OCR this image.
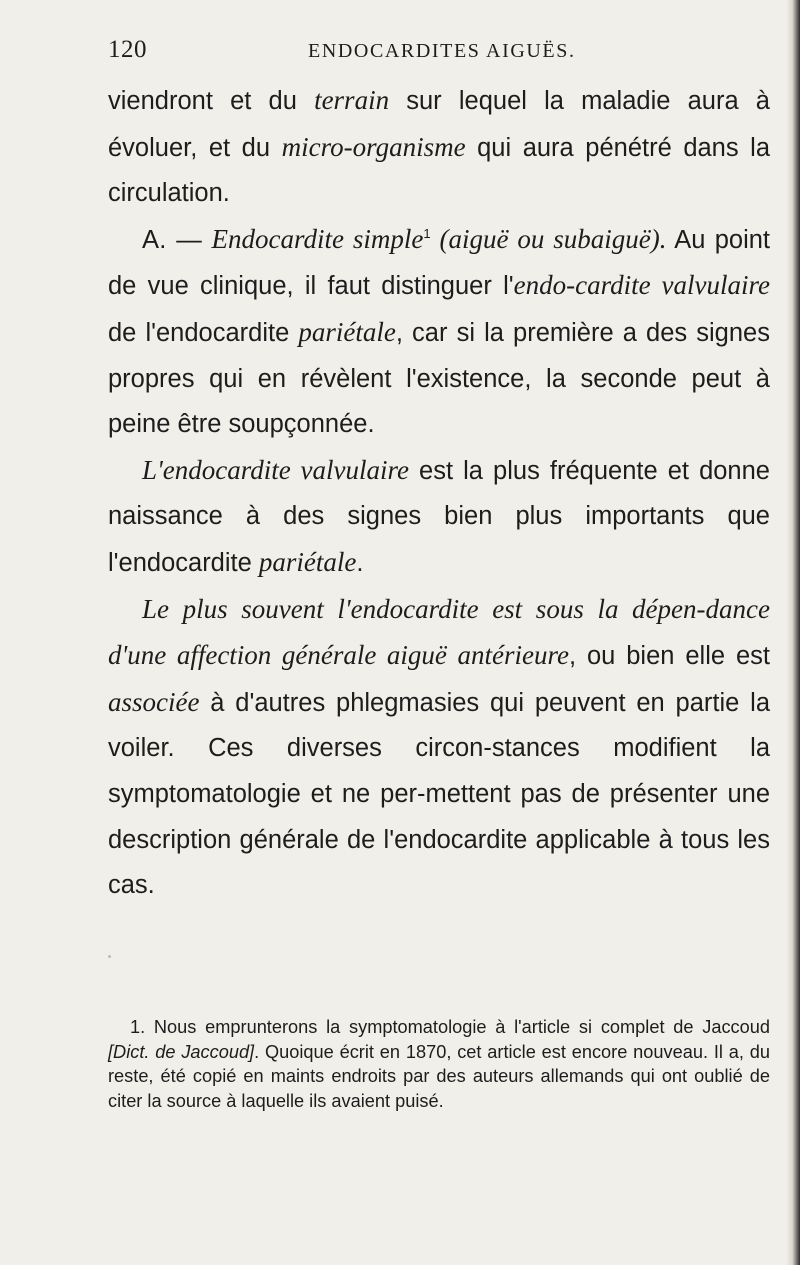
120	ENDOCARDITES AIGUËS.

viendront et du terrain sur lequel la maladie aura à évoluer, et du micro-organisme qui aura pénétré dans la circulation.

A. — Endocardite simple$^1$ (aiguë ou subaiguë). Au point de vue clinique, il faut distinguer l'endo-cardite valvulaire de l'endocardite pariétale, car si la première a des signes propres qui en révèlent l'existence, la seconde peut à peine être soupçonnée.

L'endocardite valvulaire est la plus fréquente et donne naissance à des signes bien plus importants que l'endocardite pariétale.

Le plus souvent l'endocardite est sous la dépen-dance d'une affection générale aiguë antérieure, ou bien elle est associée à d'autres phlegmasies qui peuvent en partie la voiler. Ces diverses circon-stances modifient la symptomatologie et ne per-mettent pas de présenter une description générale de l'endocardite applicable à tous les cas.

1. Nous emprunterons la symptomatologie à l'article si complet de Jaccoud [Dict. de Jaccoud]. Quoique écrit en 1870, cet article est encore nouveau. Il a, du reste, été copié en maints endroits par des auteurs allemands qui ont oublié de citer la source à laquelle ils avaient puisé.
